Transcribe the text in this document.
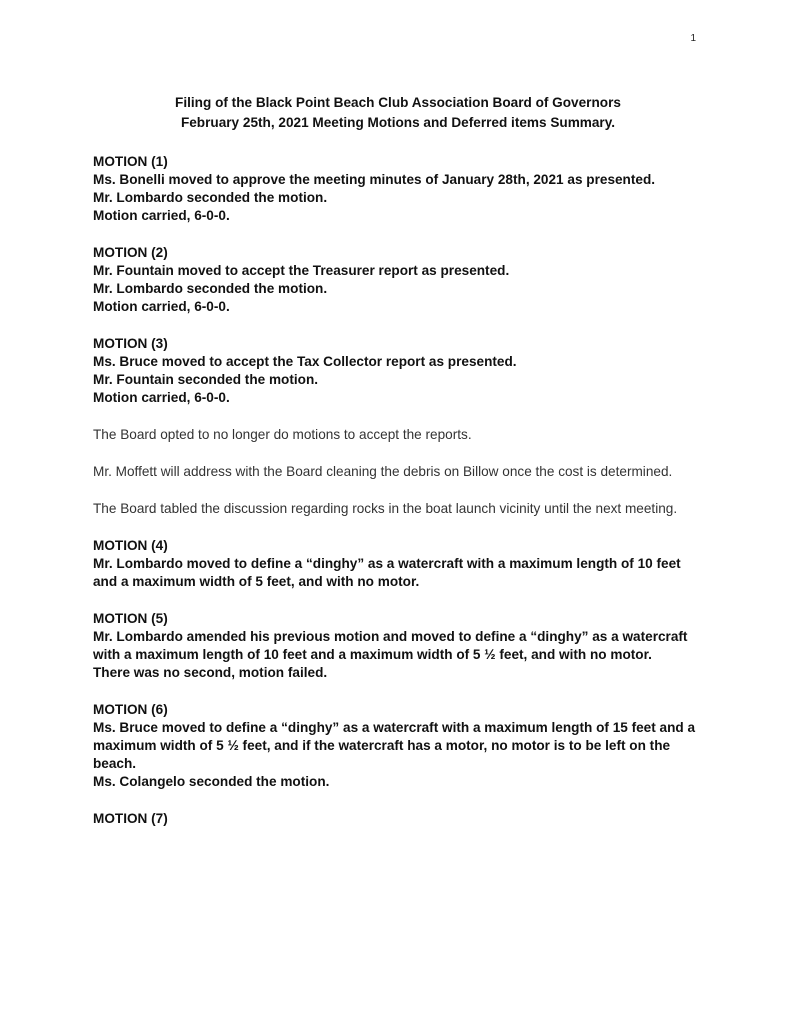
1
Filing of the Black Point Beach Club Association Board of Governors
February 25th, 2021 Meeting Motions and Deferred items Summary.
MOTION (1)
Ms. Bonelli moved to approve the meeting minutes of January 28th, 2021 as presented.
Mr. Lombardo seconded the motion.
Motion carried, 6-0-0.
MOTION (2)
Mr. Fountain moved to accept the Treasurer report as presented.
Mr. Lombardo seconded the motion.
Motion carried, 6-0-0.
MOTION (3)
Ms. Bruce moved to accept the Tax Collector report as presented.
Mr. Fountain seconded the motion.
Motion carried, 6-0-0.
The Board opted to no longer do motions to accept the reports.
Mr. Moffett will address with the Board cleaning the debris on Billow once the cost is determined.
The Board tabled the discussion regarding rocks in the boat launch vicinity until the next meeting.
MOTION (4)
Mr. Lombardo moved to define a “dinghy” as a watercraft with a maximum length of 10 feet and a maximum width of 5 feet, and with no motor.
MOTION (5)
Mr. Lombardo amended his previous motion and moved to define a “dinghy” as a watercraft with a maximum length of 10 feet and a maximum width of 5 ½ feet, and with no motor.
There was no second, motion failed.
MOTION (6)
Ms. Bruce moved to define a “dinghy” as a watercraft with a maximum length of 15 feet and a maximum width of 5 ½ feet, and if the watercraft has a motor, no motor is to be left on the beach.
Ms. Colangelo seconded the motion.
MOTION (7)
